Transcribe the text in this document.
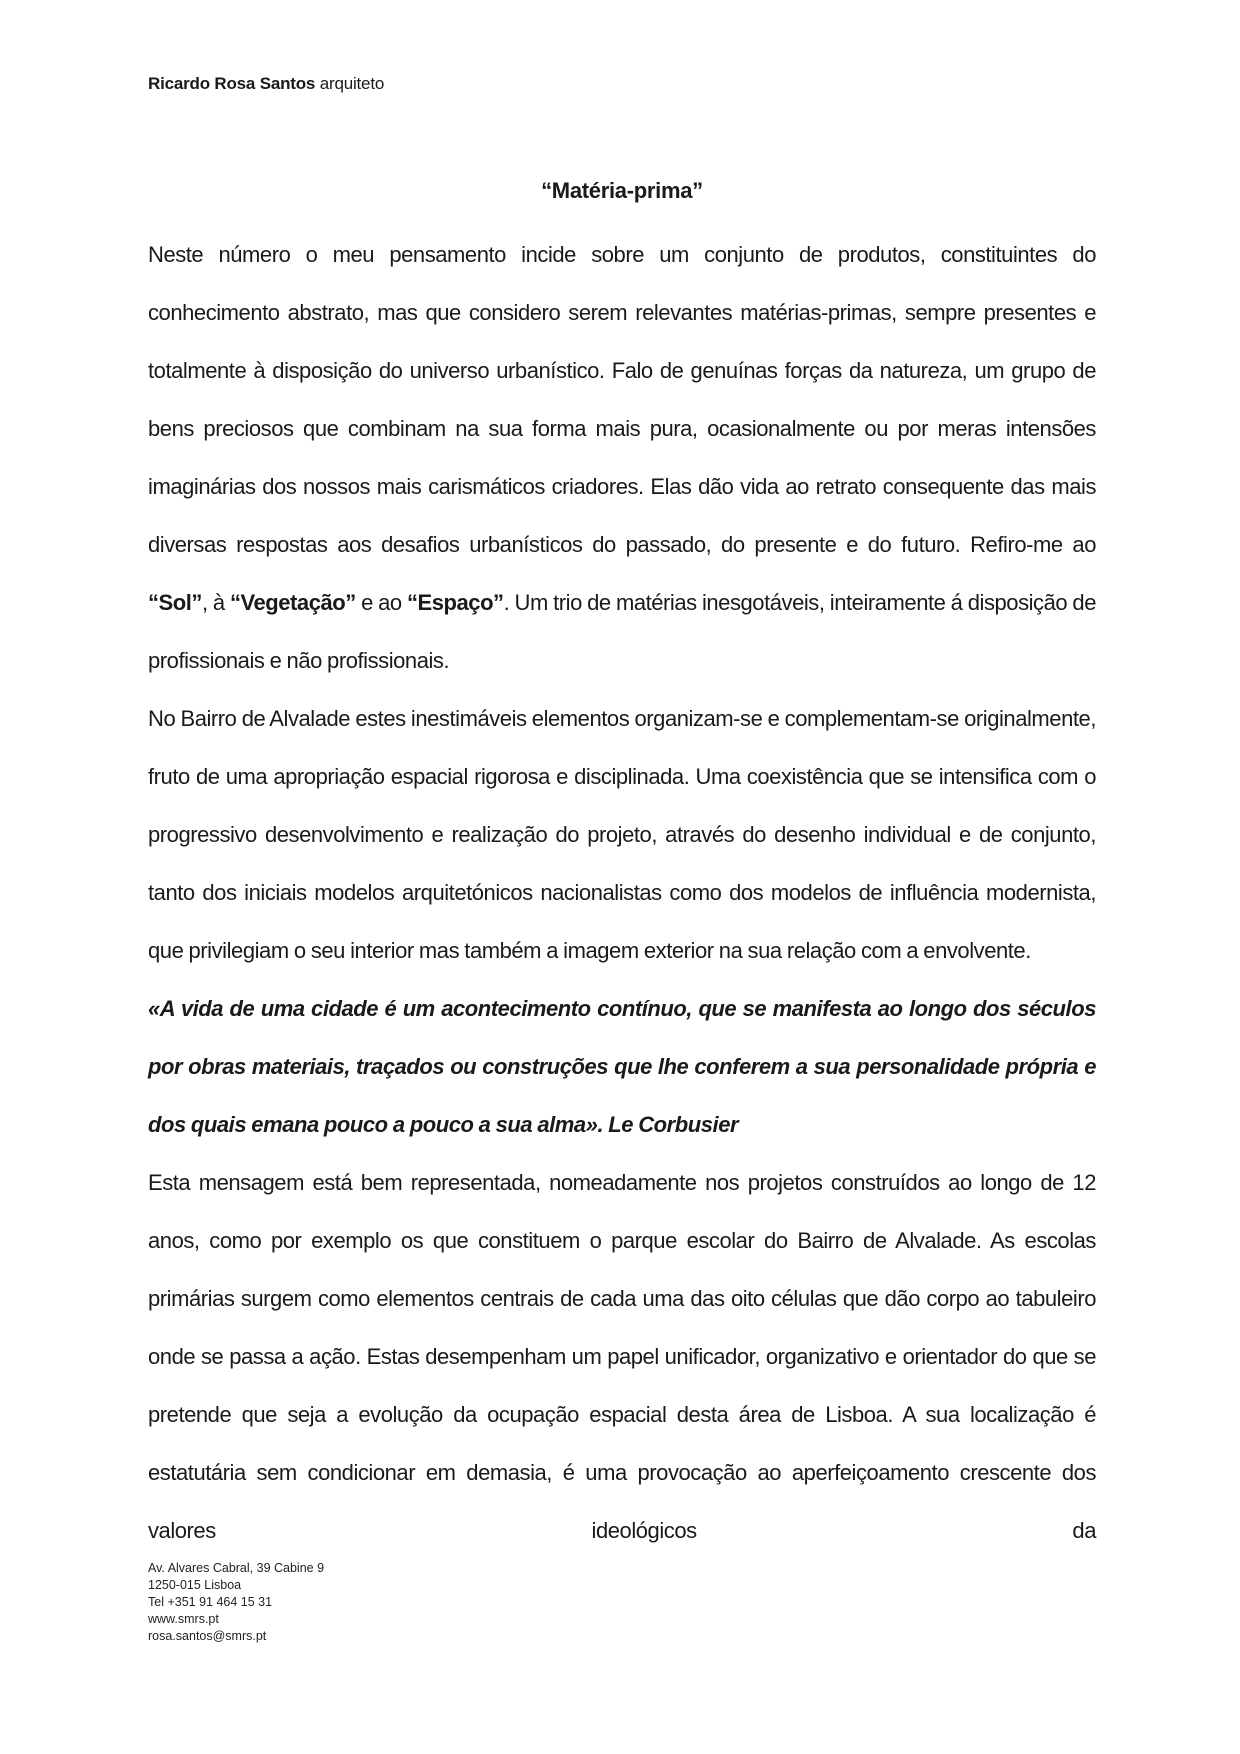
Ricardo Rosa Santos arquiteto
“Matéria-prima”

Neste número o meu pensamento incide sobre um conjunto de produtos, constituintes do conhecimento abstrato, mas que considero serem relevantes matérias-primas, sempre presentes e totalmente à disposição do universo urbanístico. Falo de genuínas forças da natureza, um grupo de bens preciosos que combinam na sua forma mais pura, ocasionalmente ou por meras intensões imaginárias dos nossos mais carismáticos criadores. Elas dão vida ao retrato consequente das mais diversas respostas aos desafios urbanísticos do passado, do presente e do futuro. Refiro-me ao “Sol”, à “Vegetação” e ao “Espaço”. Um trio de matérias inesgotáveis, inteiramente á disposição de profissionais e não profissionais.

No Bairro de Alvalade estes inestimáveis elementos organizam-se e complementam-se originalmente, fruto de uma apropriação espacial rigorosa e disciplinada. Uma coexistência que se intensifica com o progressivo desenvolvimento e realização do projeto, através do desenho individual e de conjunto, tanto dos iniciais modelos arquitetónicos nacionalistas como dos modelos de influência modernista, que privilegiam o seu interior mas também a imagem exterior na sua relação com a envolvente.

«A vida de uma cidade é um acontecimento contínuo, que se manifesta ao longo dos séculos por obras materiais, traçados ou construções que lhe conferem a sua personalidade própria e dos quais emana pouco a pouco a sua alma». Le Corbusier

Esta mensagem está bem representada, nomeadamente nos projetos construídos ao longo de 12 anos, como por exemplo os que constituem o parque escolar do Bairro de Alvalade. As escolas primárias surgem como elementos centrais de cada uma das oito células que dão corpo ao tabuleiro onde se passa a ação. Estas desempenham um papel unificador, organizativo e orientador do que se pretende que seja a evolução da ocupação espacial desta área de Lisboa. A sua localização é estatutária sem condicionar em demasia, é uma provocação ao aperfeiçoamento crescente dos valores ideológicos da

Av. Alvares Cabral, 39 Cabine 9
1250-015 Lisboa
Tel +351 91 464 15 31
www.smrs.pt
rosa.santos@smrs.pt
